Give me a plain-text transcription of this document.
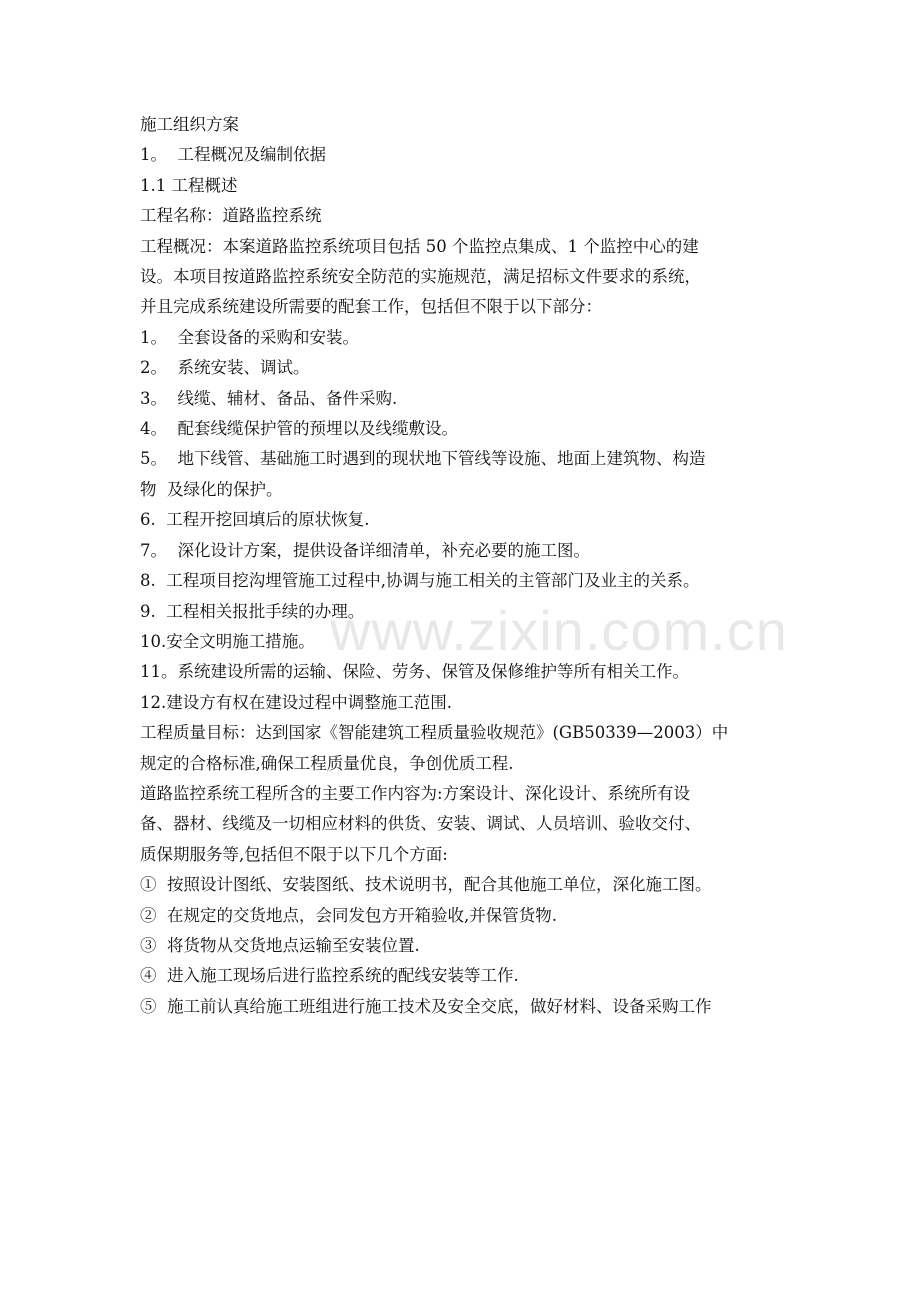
施工组织方案

1。  工程概况及编制依据

1.1 工程概述

工程名称：道路监控系统

工程概况：本案道路监控系统项目包括 50 个监控点集成、1 个监控中心的建

设。本项目按道路监控系统安全防范的实施规范，满足招标文件要求的系统，

并且完成系统建设所需要的配套工作，包括但不限于以下部分：

1。  全套设备的采购和安装。

2。  系统安装、调试。

3。  线缆、辅材、备品、备件采购.

4。  配套线缆保护管的预埋以及线缆敷设。

5。  地下线管、基础施工时遇到的现状地下管线等设施、地面上建筑物、构造

物  及绿化的保护。

6.  工程开挖回填后的原状恢复.

7。  深化设计方案，提供设备详细清单，补充必要的施工图。

8.  工程项目挖沟埋管施工过程中,协调与施工相关的主管部门及业主的关系。

9.  工程相关报批手续的办理。

10.安全文明施工措施。

11。系统建设所需的运输、保险、劳务、保管及保修维护等所有相关工作。

12.建设方有权在建设过程中调整施工范围.

工程质量目标：达到国家《智能建筑工程质量验收规范》(GB50339—2003）中

规定的合格标准,确保工程质量优良，争创优质工程.

道路监控系统工程所含的主要工作内容为:方案设计、深化设计、系统所有设

备、器材、线缆及一切相应材料的供货、安装、调试、人员培训、验收交付、

质保期服务等,包括但不限于以下几个方面:

①  按照设计图纸、安装图纸、技术说明书，配合其他施工单位，深化施工图。

②  在规定的交货地点，会同发包方开箱验收,并保管货物.

③  将货物从交货地点运输至安装位置.

④  进入施工现场后进行监控系统的配线安装等工作.

⑤  施工前认真给施工班组进行施工技术及安全交底，做好材料、设备采购工作

www.zixin.com.cn
